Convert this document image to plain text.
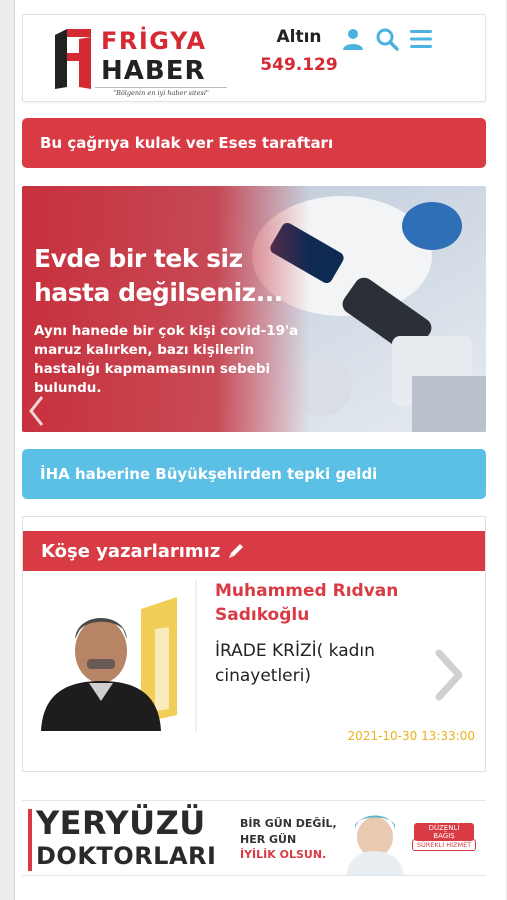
FRİGYA
HABER
"Bölgenin en iyi haber sitesi"
Altın
549.129
Bu çağrıya kulak ver Eses taraftarı
Evde bir tek siz
hasta değilseniz...
Aynı hanede bir çok kişi covid-19'a maruz kalırken, bazı kişilerin hastalığı kapmamasının sebebi bulundu.
İHA haberine Büyükşehirden tepki geldi
Köşe yazarlarımız
Muhammed Rıdvan Sadıkoğlu
İRADE KRİZİ( kadın cinayetleri)
2021-10-30 13:33:00
YERYÜZÜ
DOKTORLARI
BİR GÜN DEĞİL,
HER GÜN
İYİLİK OLSUN.
DÜZENLİ BAĞIŞ
SÜREKLİ HİZMET
